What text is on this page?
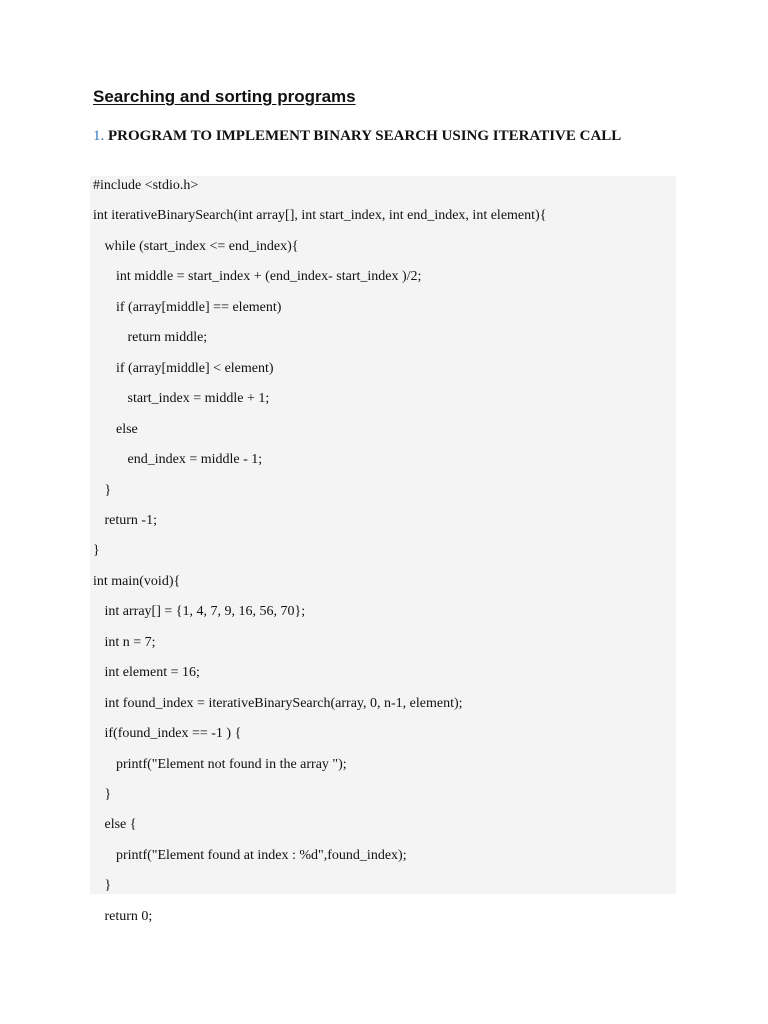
Searching and sorting programs
1. PROGRAM TO IMPLEMENT BINARY SEARCH USING ITERATIVE CALL
#include <stdio.h>
int iterativeBinarySearch(int array[], int start_index, int end_index, int element){
while (start_index <= end_index){
int middle = start_index + (end_index- start_index )/2;
if (array[middle] == element)
return middle;
if (array[middle] < element)
start_index = middle + 1;
else
end_index = middle - 1;
}
return -1;
}
int main(void){
int array[] = {1, 4, 7, 9, 16, 56, 70};
int n = 7;
int element = 16;
int found_index = iterativeBinarySearch(array, 0, n-1, element);
if(found_index == -1 ) {
printf("Element not found in the array ");
}
else {
printf("Element found at index : %d",found_index);
}
return 0;
